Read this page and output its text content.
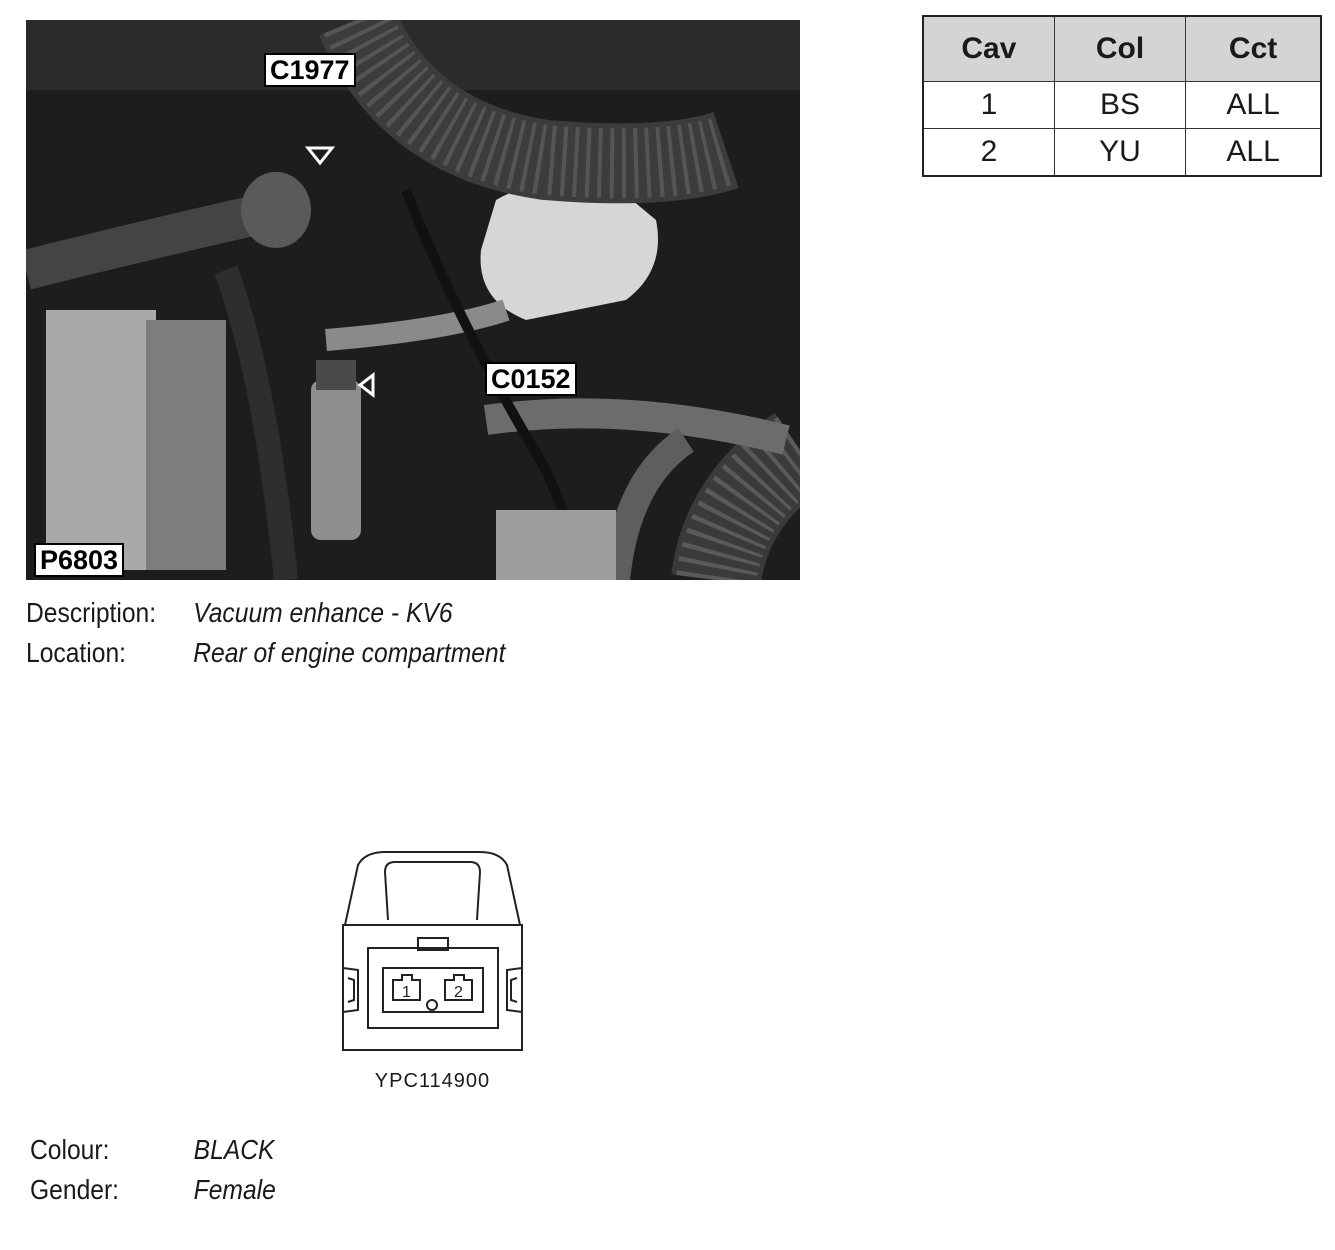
C1977
C0152
P6803
Description: Vacuum enhance - KV6
Location: Rear of engine compartment
Cav	Col	Cct
1	BS	ALL
2	YU	ALL
1	2
YPC114900
Colour:	BLACK
Gender:	Female
